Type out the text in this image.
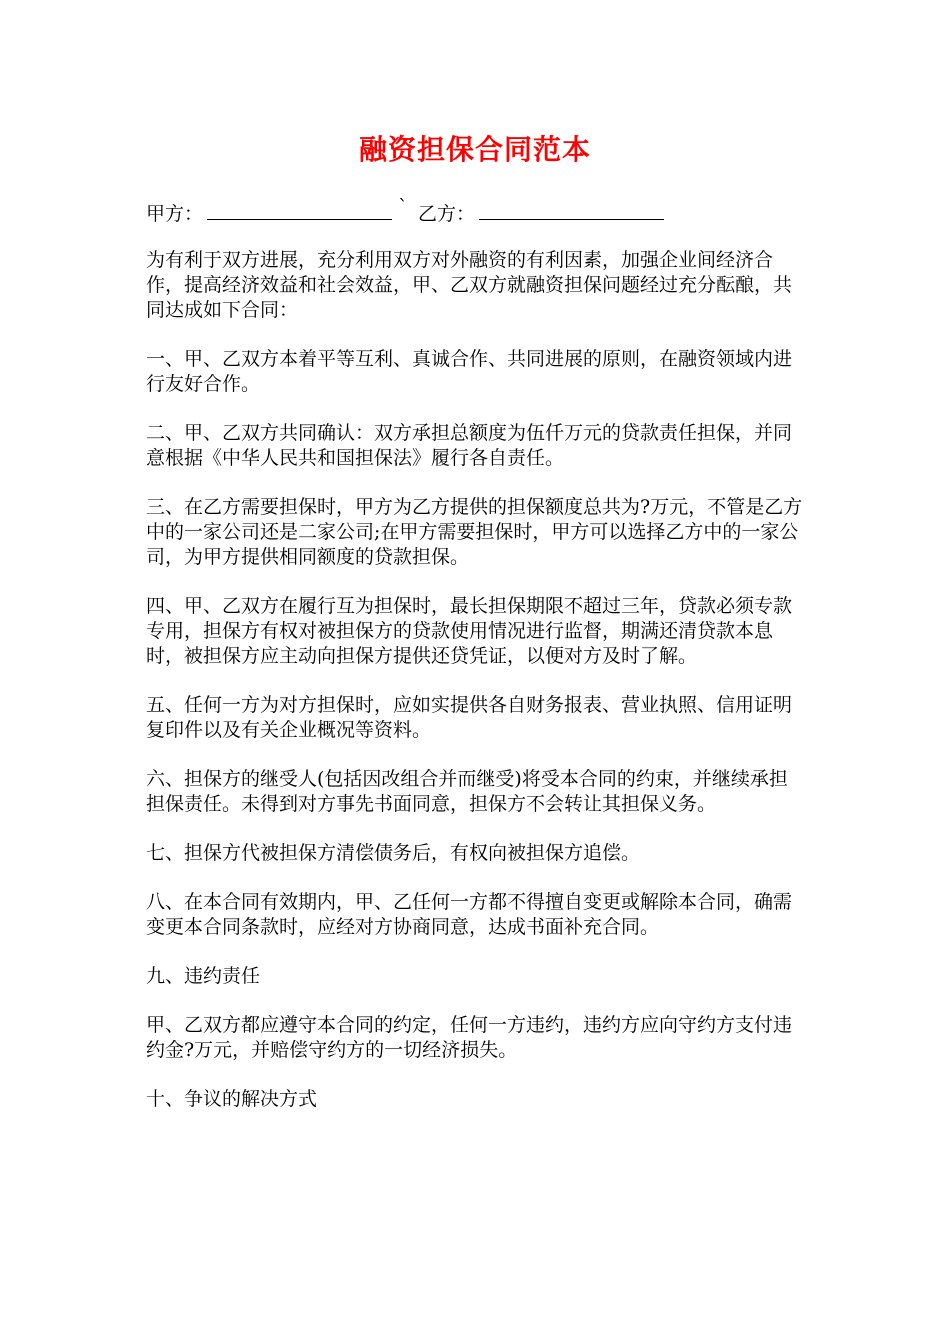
融资担保合同范本
甲方：	` 乙方：

为有利于双方进展，充分利用双方对外融资的有利因素，加强企业间经济合作，提高经济效益和社会效益，甲、乙双方就融资担保问题经过充分酝酿，共同达成如下合同：

一、甲、乙双方本着平等互利、真诚合作、共同进展的原则，在融资领域内进行友好合作。

二、甲、乙双方共同确认：双方承担总额度为伍仟万元的贷款责任担保，并同意根据《中华人民共和国担保法》履行各自责任。

三、在乙方需要担保时，甲方为乙方提供的担保额度总共为?万元，不管是乙方中的一家公司还是二家公司;在甲方需要担保时，甲方可以选择乙方中的一家公司，为甲方提供相同额度的贷款担保。

四、甲、乙双方在履行互为担保时，最长担保期限不超过三年，贷款必须专款专用，担保方有权对被担保方的贷款使用情况进行监督，期满还清贷款本息时，被担保方应主动向担保方提供还贷凭证，以便对方及时了解。

五、任何一方为对方担保时，应如实提供各自财务报表、营业执照、信用证明复印件以及有关企业概况等资料。

六、担保方的继受人(包括因改组合并而继受)将受本合同的约束，并继续承担担保责任。未得到对方事先书面同意，担保方不会转让其担保义务。

七、担保方代被担保方清偿债务后，有权向被担保方追偿。

八、在本合同有效期内，甲、乙任何一方都不得擅自变更或解除本合同，确需变更本合同条款时，应经对方协商同意，达成书面补充合同。

九、违约责任

甲、乙双方都应遵守本合同的约定，任何一方违约，违约方应向守约方支付违约金?万元，并赔偿守约方的一切经济损失。

十、争议的解决方式
